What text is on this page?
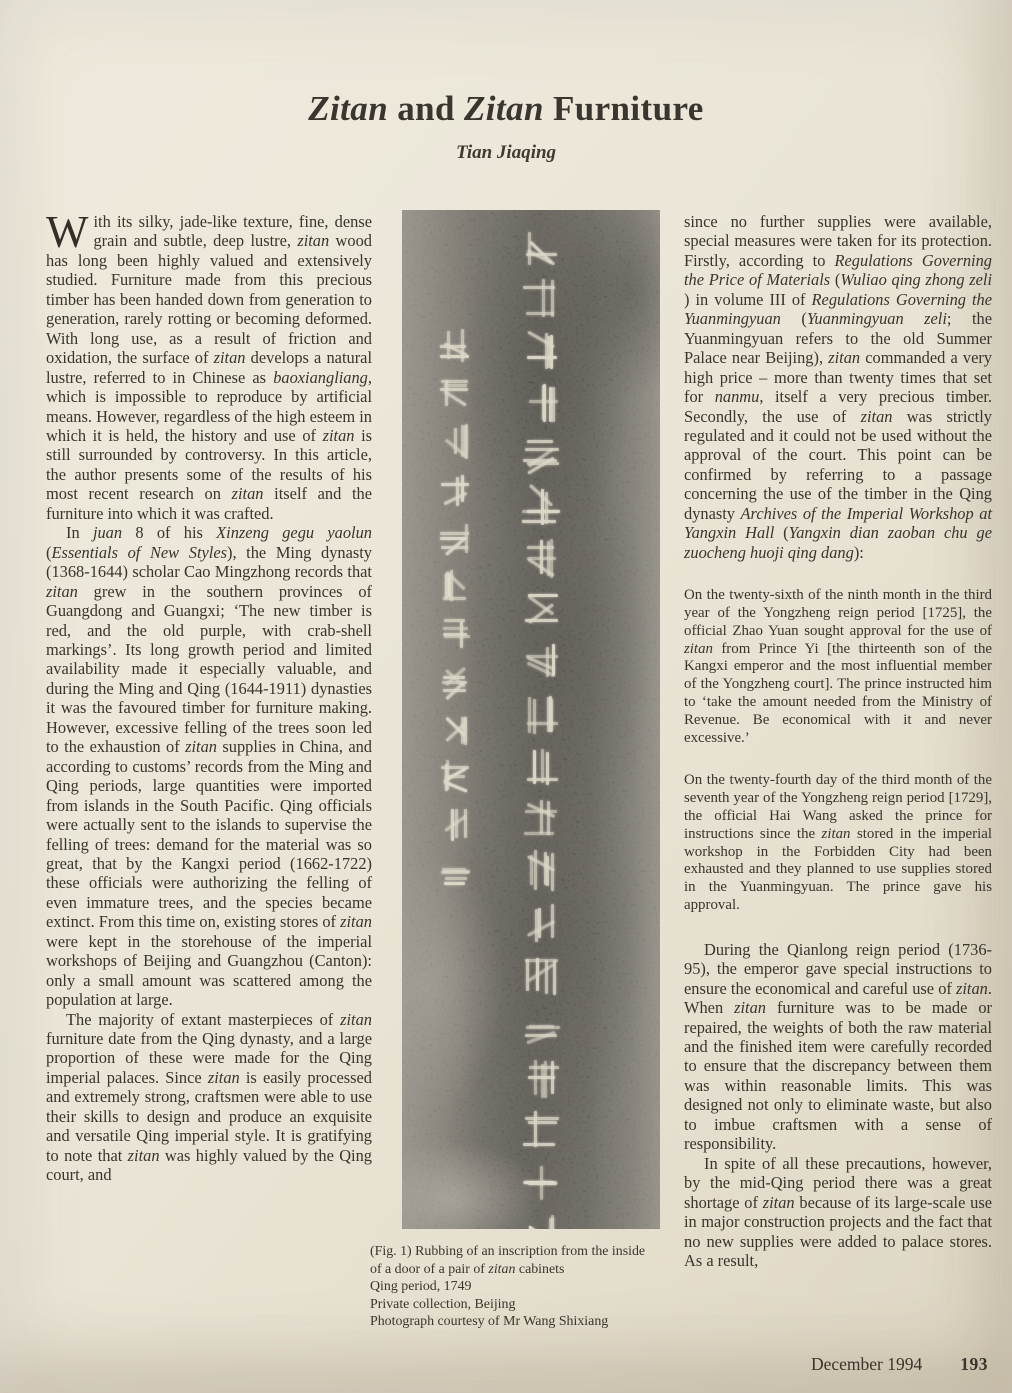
Zitan and Zitan Furniture
Tian Jiaqing

With its silky, jade-like texture, fine, dense grain and subtle, deep lustre, zitan wood has long been highly valued and extensively studied. Furniture made from this precious timber has been handed down from generation to generation, rarely rotting or becoming deformed. With long use, as a result of friction and oxidation, the surface of zitan develops a natural lustre, referred to in Chinese as baoxiangliang, which is impossible to reproduce by artificial means. However, regardless of the high esteem in which it is held, the history and use of zitan is still surrounded by controversy. In this article, the author presents some of the results of his most recent research on zitan itself and the furniture into which it was crafted.

In juan 8 of his Xinzeng gegu yaolun (Essentials of New Styles), the Ming dynasty (1368-1644) scholar Cao Mingzhong records that zitan grew in the southern provinces of Guangdong and Guangxi; ‘The new timber is red, and the old purple, with crab-shell markings’. Its long growth period and limited availability made it especially valuable, and during the Ming and Qing (1644-1911) dynasties it was the favoured timber for furniture making. However, excessive felling of the trees soon led to the exhaustion of zitan supplies in China, and according to customs’ records from the Ming and Qing periods, large quantities were imported from islands in the South Pacific. Qing officials were actually sent to the islands to supervise the felling of trees: demand for the material was so great, that by the Kangxi period (1662-1722) these officials were authorizing the felling of even immature trees, and the species became extinct. From this time on, existing stores of zitan were kept in the storehouse of the imperial workshops of Beijing and Guangzhou (Canton): only a small amount was scattered among the population at large.

The majority of extant masterpieces of zitan furniture date from the Qing dynasty, and a large proportion of these were made for the Qing imperial palaces. Since zitan is easily processed and extremely strong, craftsmen were able to use their skills to design and produce an exquisite and versatile Qing imperial style. It is gratifying to note that zitan was highly valued by the Qing court, and

since no further supplies were available, special measures were taken for its protection. Firstly, according to Regulations Governing the Price of Materials (Wuliao qing zhong zeli ) in volume III of Regulations Governing the Yuanmingyuan (Yuanmingyuan zeli; the Yuanmingyuan refers to the old Summer Palace near Beijing), zitan commanded a very high price – more than twenty times that set for nanmu, itself a very precious timber. Secondly, the use of zitan was strictly regulated and it could not be used without the approval of the court. This point can be confirmed by referring to a passage concerning the use of the timber in the Qing dynasty Archives of the Imperial Workshop at Yangxin Hall (Yangxin dian zaoban chu ge zuocheng huoji qing dang):

On the twenty-sixth of the ninth month in the third year of the Yongzheng reign period [1725], the official Zhao Yuan sought approval for the use of zitan from Prince Yi [the thirteenth son of the Kangxi emperor and the most influential member of the Yongzheng court]. The prince instructed him to ‘take the amount needed from the Ministry of Revenue. Be economical with it and never excessive.’

On the twenty-fourth day of the third month of the seventh year of the Yongzheng reign period [1729], the official Hai Wang asked the prince for instructions since the zitan stored in the imperial workshop in the Forbidden City had been exhausted and they planned to use supplies stored in the Yuanmingyuan. The prince gave his approval.

During the Qianlong reign period (1736-95), the emperor gave special instructions to ensure the economical and careful use of zitan. When zitan furniture was to be made or repaired, the weights of both the raw material and the finished item were carefully recorded to ensure that the discrepancy between them was within reasonable limits. This was designed not only to eliminate waste, but also to imbue craftsmen with a sense of responsibility.

In spite of all these precautions, however, by the mid-Qing period there was a great shortage of zitan because of its large-scale use in major construction projects and the fact that no new supplies were added to palace stores. As a result,

(Fig. 1) Rubbing of an inscription from the inside
of a door of a pair of zitan cabinets
Qing period, 1749
Private collection, Beijing
Photograph courtesy of Mr Wang Shixiang
December 1994 193
